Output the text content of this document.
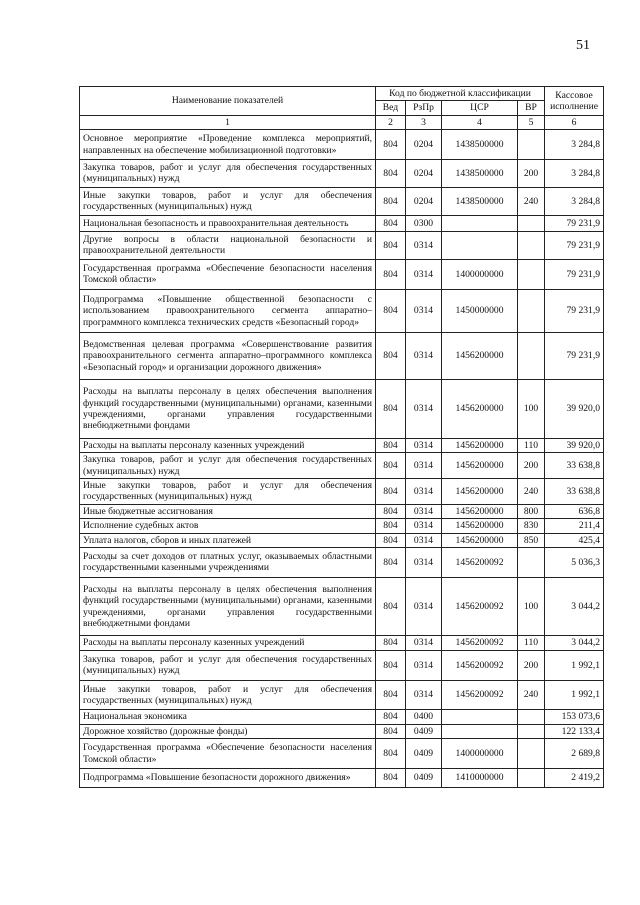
51
Наименование показателей	Код по бюджетной классификации				Кассовое исполнение
	Вед	РзПр	ЦСР	ВР	
1	2	3	4	5	6
Основное мероприятие «Проведение комплекса мероприятий, направленных на обеспечение мобилизационной подготовки»	804	0204	1438500000		3 284,8
Закупка товаров, работ и услуг для обеспечения государственных (муниципальных) нужд	804	0204	1438500000	200	3 284,8
Иные закупки товаров, работ и услуг для обеспечения государственных (муниципальных) нужд	804	0204	1438500000	240	3 284,8
Национальная безопасность и правоохранительная деятельность	804	0300			79 231,9
Другие вопросы в области национальной безопасности и правоохранительной деятельности	804	0314			79 231,9
Государственная программа «Обеспечение безопасности населения Томской области»	804	0314	1400000000		79 231,9
Подпрограмма «Повышение общественной безопасности с использованием правоохранительного сегмента аппаратно–программного комплекса технических средств «Безопасный город»	804	0314	1450000000		79 231,9
Ведомственная целевая программа «Совершенствование развития правоохранительного сегмента аппаратно–программного комплекса «Безопасный город» и организации дорожного движения»	804	0314	1456200000		79 231,9
Расходы на выплаты персоналу в целях обеспечения выполнения функций государственными (муниципальными) органами, казенными учреждениями, органами управления государственными внебюджетными фондами	804	0314	1456200000	100	39 920,0
Расходы на выплаты персоналу казенных учреждений	804	0314	1456200000	110	39 920,0
Закупка товаров, работ и услуг для обеспечения государственных (муниципальных) нужд	804	0314	1456200000	200	33 638,8
Иные закупки товаров, работ и услуг для обеспечения государственных (муниципальных) нужд	804	0314	1456200000	240	33 638,8
Иные бюджетные ассигнования	804	0314	1456200000	800	636,8
Исполнение судебных актов	804	0314	1456200000	830	211,4
Уплата налогов, сборов и иных платежей	804	0314	1456200000	850	425,4
Расходы за счет доходов от платных услуг, оказываемых областными государственными казенными учреждениями	804	0314	1456200092		5 036,3
Расходы на выплаты персоналу в целях обеспечения выполнения функций государственными (муниципальными) органами, казенными учреждениями, органами управления государственными внебюджетными фондами	804	0314	1456200092	100	3 044,2
Расходы на выплаты персоналу казенных учреждений	804	0314	1456200092	110	3 044,2
Закупка товаров, работ и услуг для обеспечения государственных (муниципальных) нужд	804	0314	1456200092	200	1 992,1
Иные закупки товаров, работ и услуг для обеспечения государственных (муниципальных) нужд	804	0314	1456200092	240	1 992,1
Национальная экономика	804	0400			153 073,6
Дорожное хозяйство (дорожные фонды)	804	0409			122 133,4
Государственная программа «Обеспечение безопасности населения Томской области»	804	0409	1400000000		2 689,8
Подпрограмма «Повышение безопасности дорожного движения»	804	0409	1410000000		2 419,2
